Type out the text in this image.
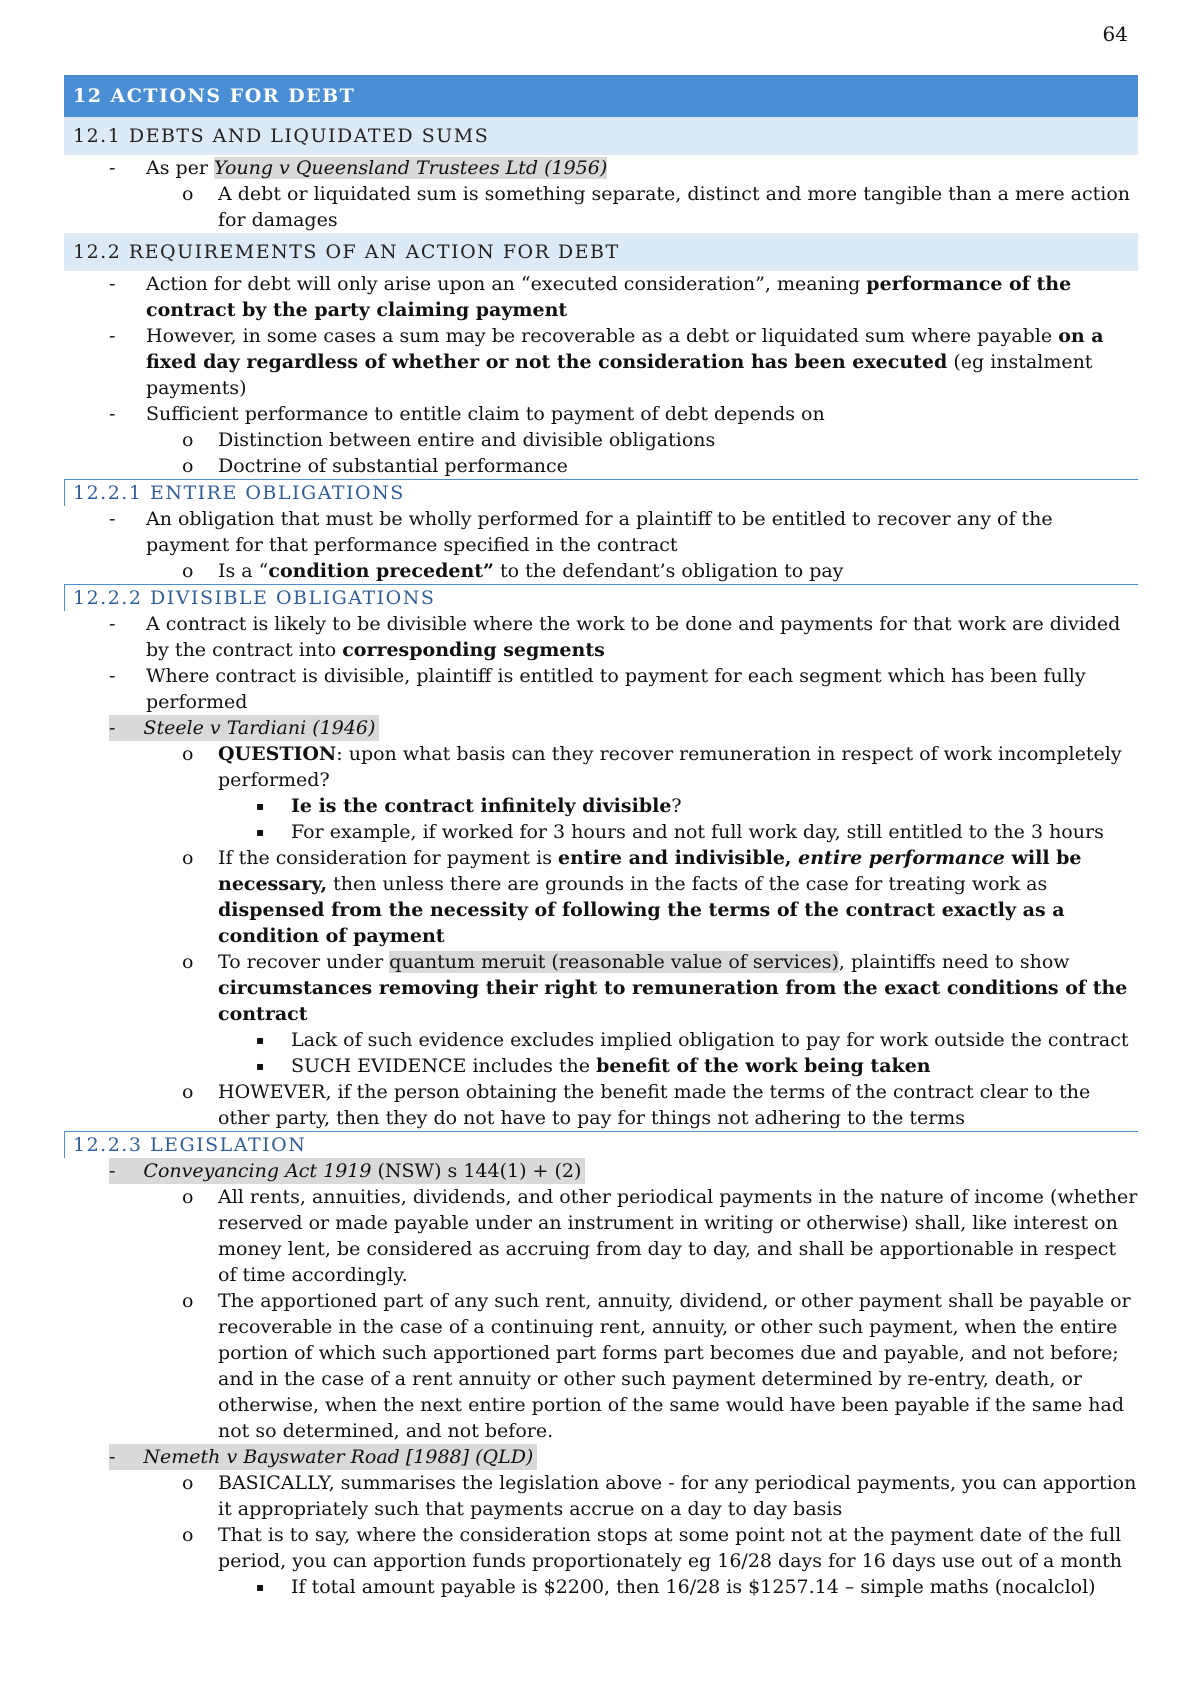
64
12 ACTIONS FOR DEBT
12.1 DEBTS AND LIQUIDATED SUMS
- As per Young v Queensland Trustees Ltd (1956)
o A debt or liquidated sum is something separate, distinct and more tangible than a mere action for damages
12.2 REQUIREMENTS OF AN ACTION FOR DEBT
- Action for debt will only arise upon an “executed consideration”, meaning performance of the contract by the party claiming payment
- However, in some cases a sum may be recoverable as a debt or liquidated sum where payable on a fixed day regardless of whether or not the consideration has been executed (eg instalment payments)
- Sufficient performance to entitle claim to payment of debt depends on
o Distinction between entire and divisible obligations
o Doctrine of substantial performance
12.2.1 ENTIRE OBLIGATIONS
- An obligation that must be wholly performed for a plaintiff to be entitled to recover any of the payment for that performance specified in the contract
o Is a “condition precedent” to the defendant’s obligation to pay
12.2.2 DIVISIBLE OBLIGATIONS
- A contract is likely to be divisible where the work to be done and payments for that work are divided by the contract into corresponding segments
- Where contract is divisible, plaintiff is entitled to payment for each segment which has been fully performed
- Steele v Tardiani (1946)
o QUESTION: upon what basis can they recover remuneration in respect of work incompletely performed?
▪ Ie is the contract infinitely divisible?
▪ For example, if worked for 3 hours and not full work day, still entitled to the 3 hours
o If the consideration for payment is entire and indivisible, entire performance will be necessary, then unless there are grounds in the facts of the case for treating work as dispensed from the necessity of following the terms of the contract exactly as a condition of payment
o To recover under quantum meruit (reasonable value of services), plaintiffs need to show circumstances removing their right to remuneration from the exact conditions of the contract
▪ Lack of such evidence excludes implied obligation to pay for work outside the contract
▪ SUCH EVIDENCE includes the benefit of the work being taken
o HOWEVER, if the person obtaining the benefit made the terms of the contract clear to the other party, then they do not have to pay for things not adhering to the terms
12.2.3 LEGISLATION
- Conveyancing Act 1919 (NSW) s 144(1) + (2)
o All rents, annuities, dividends, and other periodical payments in the nature of income (whether reserved or made payable under an instrument in writing or otherwise) shall, like interest on money lent, be considered as accruing from day to day, and shall be apportionable in respect of time accordingly.
o The apportioned part of any such rent, annuity, dividend, or other payment shall be payable or recoverable in the case of a continuing rent, annuity, or other such payment, when the entire portion of which such apportioned part forms part becomes due and payable, and not before; and in the case of a rent annuity or other such payment determined by re-entry, death, or otherwise, when the next entire portion of the same would have been payable if the same had not so determined, and not before.
- Nemeth v Bayswater Road [1988] (QLD)
o BASICALLY, summarises the legislation above - for any periodical payments, you can apportion it appropriately such that payments accrue on a day to day basis
o That is to say, where the consideration stops at some point not at the payment date of the full period, you can apportion funds proportionately eg 16/28 days for 16 days use out of a month
▪ If total amount payable is $2200, then 16/28 is $1257.14 – simple maths (nocalclol)
